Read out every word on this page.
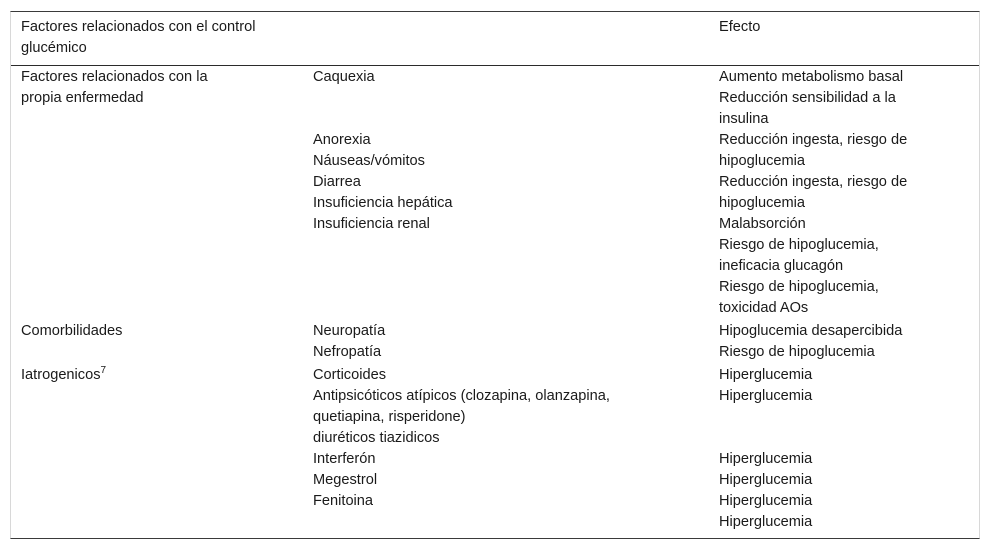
Factores relacionados con el control
glucémico
Efecto
Factores relacionados con la
propia enfermedad
Caquexia
Anorexia
Náuseas/vómitos
Diarrea
Insuficiencia hepática
Insuficiencia renal
Aumento metabolismo basal
Reducción sensibilidad a la
insulina
Reducción ingesta, riesgo de
hipoglucemia
Reducción ingesta, riesgo de
hipoglucemia
Malabsorción
Riesgo de hipoglucemia,
ineficacia glucagón
Riesgo de hipoglucemia,
toxicidad AOs
Comorbilidades	Neuropatía
Nefropatía
Hipoglucemia desapercibida
Riesgo de hipoglucemia
Iatrogenicos$^7$	Corticoides
Antipsicóticos atípicos (clozapina, olanzapina,
quetiapina, risperidone)
diuréticos tiazidicos
Interferón
Megestrol
Fenitoina
Hiperglucemia
Hiperglucemia
Hiperglucemia
Hiperglucemia
Hiperglucemia
Hiperglucemia
